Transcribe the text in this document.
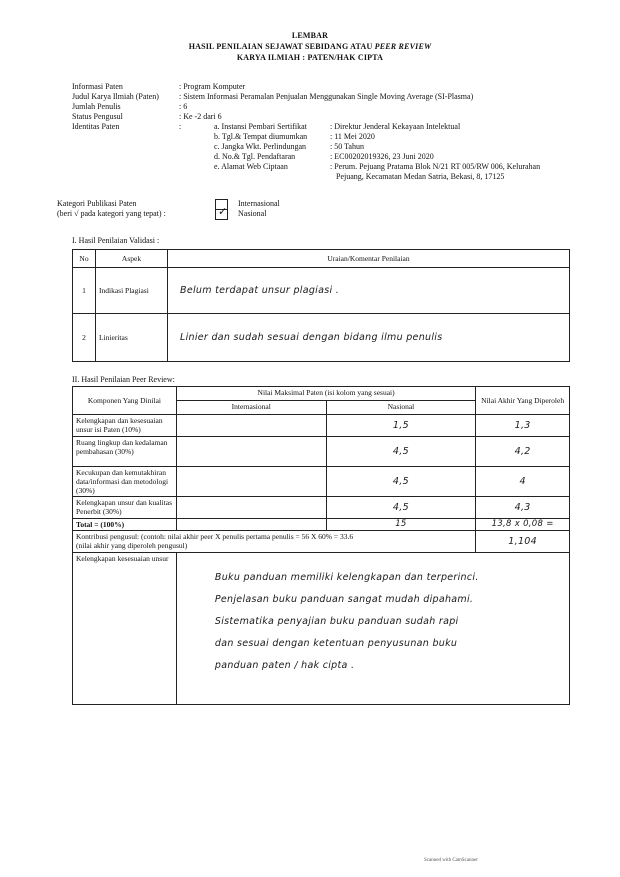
LEMBAR
HASIL PENILAIAN SEJAWAT SEBIDANG ATAU PEER REVIEW
KARYA ILMIAH : PATEN/HAK CIPTA
Informasi Paten	: Program Komputer
Judul Karya Ilmiah (Paten)	: Sistem Informasi Peramalan Penjualan Menggunakan Single Moving Average (SI-Plasma)
Jumlah Penulis	: 6
Status Pengusul	: Ke -2 dari 6
Identitas Paten	:	a. Instansi Pembari Sertifikat	: Direktur Jenderal Kekayaan Intelektual
b. Tgl.& Tempat diumumkan	: 11 Mei 2020
c. Jangka Wkt. Perlindungan	: 50 Tahun
d. No.& Tgl. Pendaftaran	: EC00202019326, 23 Juni 2020
e. Alamat Web Ciptaan	: Perum. Pejuang Pratama Blok N/21 RT 005/RW 006, Kelurahan
Pejuang, Kecamatan Medan Satria, Bekasi, 8, 17125
Kategori Publikasi Paten
(beri √ pada kategori yang tepat) :	✓
Internasional
Nasional
I. Hasil Penilaian Validasi :
No	Aspek	Uraian/Komentar Penilaian
1	Indikasi Plagiasi	Belum terdapat unsur plagiasi .
2	Linieritas	Linier dan sudah sesuai dengan bidang ilmu penulis
II. Hasil Penilaian Peer Review:
Komponen Yang Dinilai	Nilai Maksimal Paten (isi kolom yang sesuai)		Nilai Akhir Yang Diperoleh
	Internasional	Nasional	
Kelengkapan dan kesesuaian unsur isi Paten (10%)		1,5	1,3
Ruang lingkup dan kedalaman pembahasan (30%)		4,5	4,2
Kecukupan dan kemutakhiran data/informasi dan metodologi (30%)		4,5	4
Kelengkapan unsur dan kualitas Penerbit (30%)		4,5	4,3
Total = (100%)		15	13,8 x 0,08 =

Kontribusi pengusul: (contoh: nilai akhir peer X penulis pertama penulis = 56 X 60% = 33.6
(nilai akhir yang diperoleh pengusul)			1,104
Kelengkapan kesesuaian unsur	Buku panduan memiliki kelengkapan dan terperinci.
Penjelasan buku panduan sangat mudah dipahami.
Sistematika penyajian buku panduan sudah rapi
dan sesuai dengan ketentuan penyusunan buku
panduan paten / hak cipta .		
Scanned with CamScanner
